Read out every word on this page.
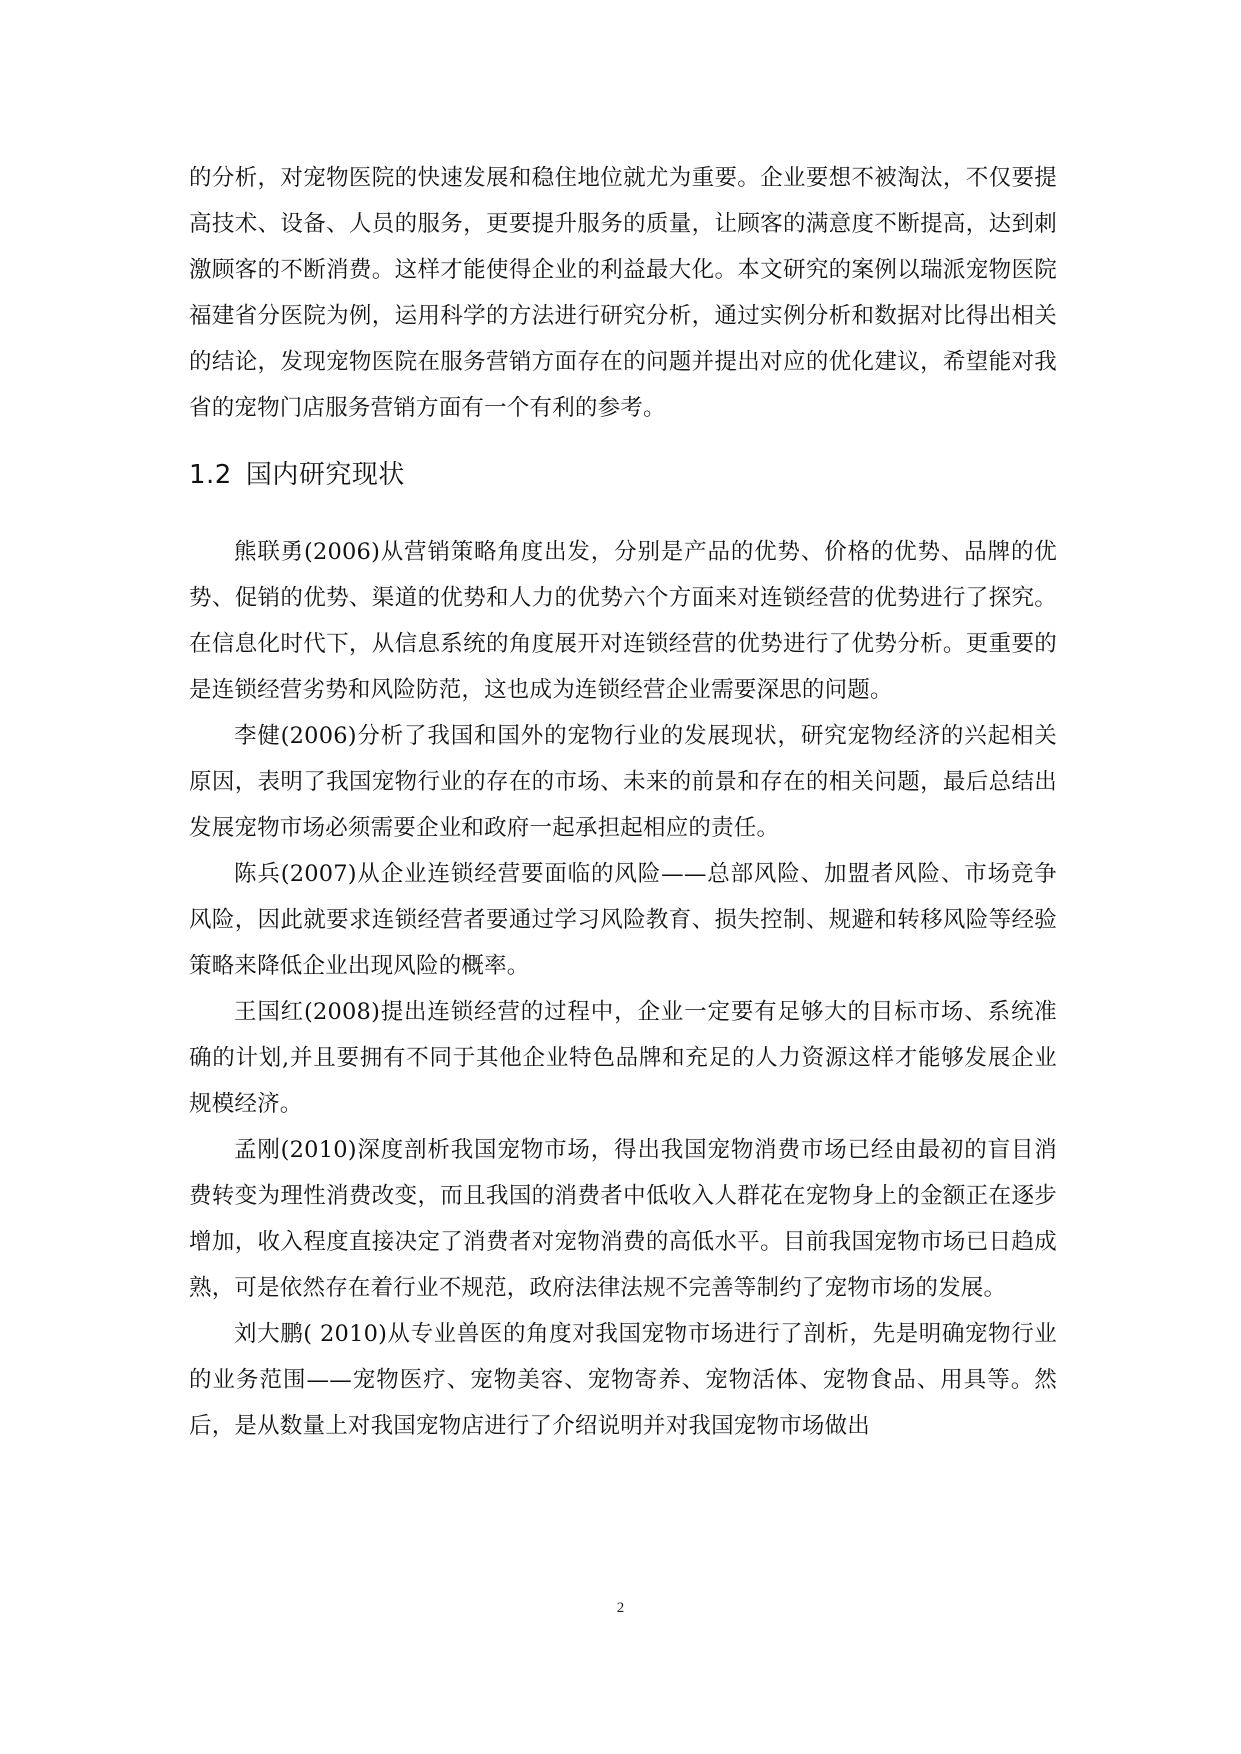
的分析，对宠物医院的快速发展和稳住地位就尤为重要。企业要想不被淘汰，不仅要提高技术、设备、人员的服务，更要提升服务的质量，让顾客的满意度不断提高，达到刺激顾客的不断消费。这样才能使得企业的利益最大化。本文研究的案例以瑞派宠物医院福建省分医院为例，运用科学的方法进行研究分析，通过实例分析和数据对比得出相关的结论，发现宠物医院在服务营销方面存在的问题并提出对应的优化建议，希望能对我省的宠物门店服务营销方面有一个有利的参考。

1.2 国内研究现状

熊联勇(2006)从营销策略角度出发，分别是产品的优势、价格的优势、品牌的优势、促销的优势、渠道的优势和人力的优势六个方面来对连锁经营的优势进行了探究。在信息化时代下，从信息系统的角度展开对连锁经营的优势进行了优势分析。更重要的是连锁经营劣势和风险防范，这也成为连锁经营企业需要深思的问题。

李健(2006)分析了我国和国外的宠物行业的发展现状，研究宠物经济的兴起相关原因，表明了我国宠物行业的存在的市场、未来的前景和存在的相关问题，最后总结出发展宠物市场必须需要企业和政府一起承担起相应的责任。

陈兵(2007)从企业连锁经营要面临的风险——总部风险、加盟者风险、市场竞争风险，因此就要求连锁经营者要通过学习风险教育、损失控制、规避和转移风险等经验策略来降低企业出现风险的概率。

王国红(2008)提出连锁经营的过程中，企业一定要有足够大的目标市场、系统准确的计划,并且要拥有不同于其他企业特色品牌和充足的人力资源这样才能够发展企业规模经济。

孟刚(2010)深度剖析我国宠物市场，得出我国宠物消费市场已经由最初的盲目消费转变为理性消费改变，而且我国的消费者中低收入人群花在宠物身上的金额正在逐步增加，收入程度直接决定了消费者对宠物消费的高低水平。目前我国宠物市场已日趋成熟，可是依然存在着行业不规范，政府法律法规不完善等制约了宠物市场的发展。

刘大鹏( 2010)从专业兽医的角度对我国宠物市场进行了剖析，先是明确宠物行业的业务范围——宠物医疗、宠物美容、宠物寄养、宠物活体、宠物食品、用具等。然后，是从数量上对我国宠物店进行了介绍说明并对我国宠物市场做出

2
